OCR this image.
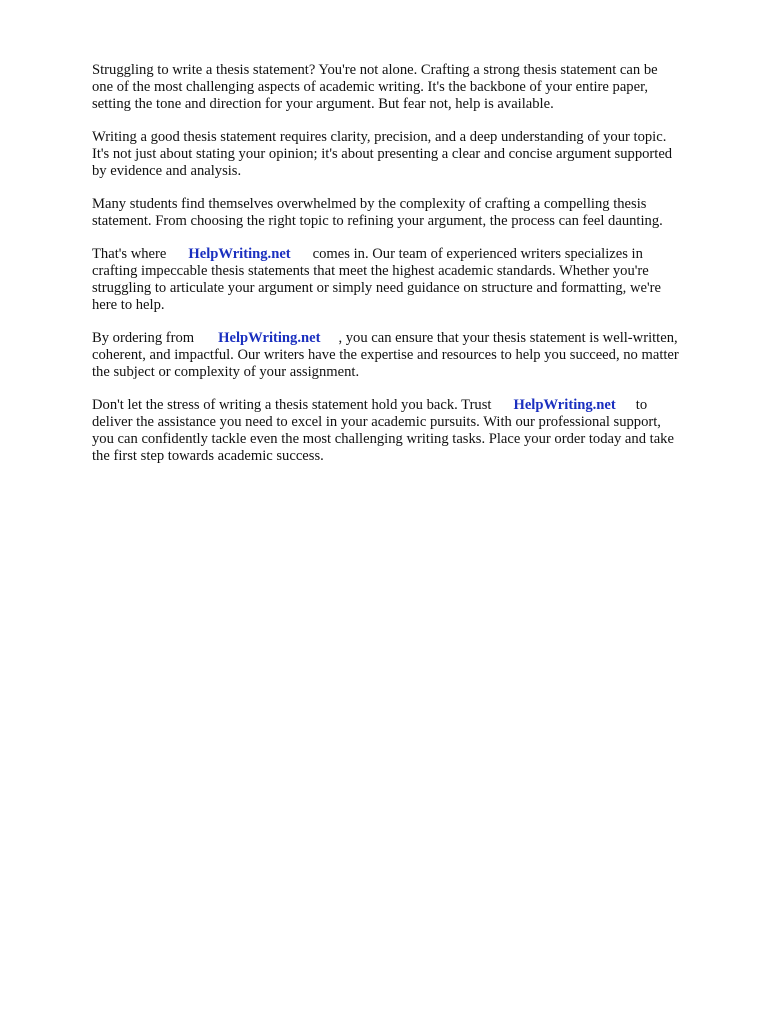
Struggling to write a thesis statement? You're not alone. Crafting a strong thesis statement can be
one of the most challenging aspects of academic writing. It's the backbone of your entire paper,
setting the tone and direction for your argument. But fear not, help is available.

Writing a good thesis statement requires clarity, precision, and a deep understanding of your topic.
It's not just about stating your opinion; it's about presenting a clear and concise argument supported
by evidence and analysis.

Many students find themselves overwhelmed by the complexity of crafting a compelling thesis
statement. From choosing the right topic to refining your argument, the process can feel daunting.

That's where HelpWriting.net comes in. Our team of experienced writers specializes in
crafting impeccable thesis statements that meet the highest academic standards. Whether you're
struggling to articulate your argument or simply need guidance on structure and formatting, we're
here to help.

By ordering from HelpWriting.net , you can ensure that your thesis statement is well-written,
coherent, and impactful. Our writers have the expertise and resources to help you succeed, no matter
the subject or complexity of your assignment.

Don't let the stress of writing a thesis statement hold you back. Trust HelpWriting.net to
deliver the assistance you need to excel in your academic pursuits. With our professional support,
you can confidently tackle even the most challenging writing tasks. Place your order today and take
the first step towards academic success.
